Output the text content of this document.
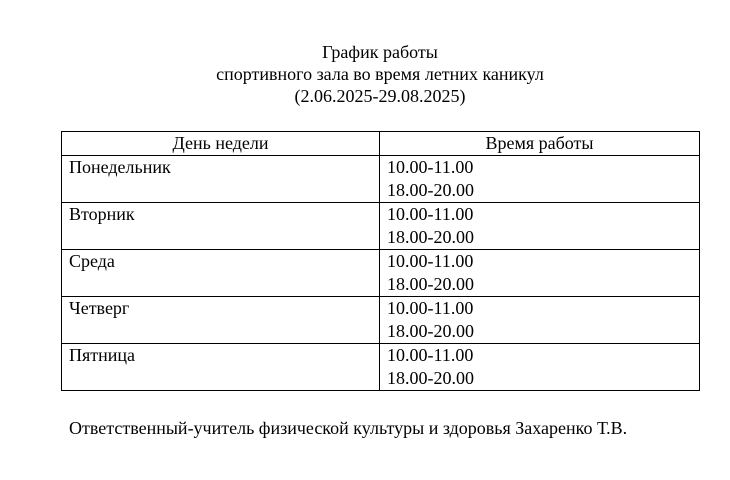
График работы
спортивного зала во время летних каникул
(2.06.2025-29.08.2025)
День недели	Время работы
Понедельник	10.00-11.00
18.00-20.00

Вторник	10.00-11.00
18.00-20.00

Среда	10.00-11.00
18.00-20.00

Четверг	10.00-11.00
18.00-20.00

Пятница	10.00-11.00
18.00-20.00
Ответственный-учитель физической культуры и здоровья Захаренко Т.В.
